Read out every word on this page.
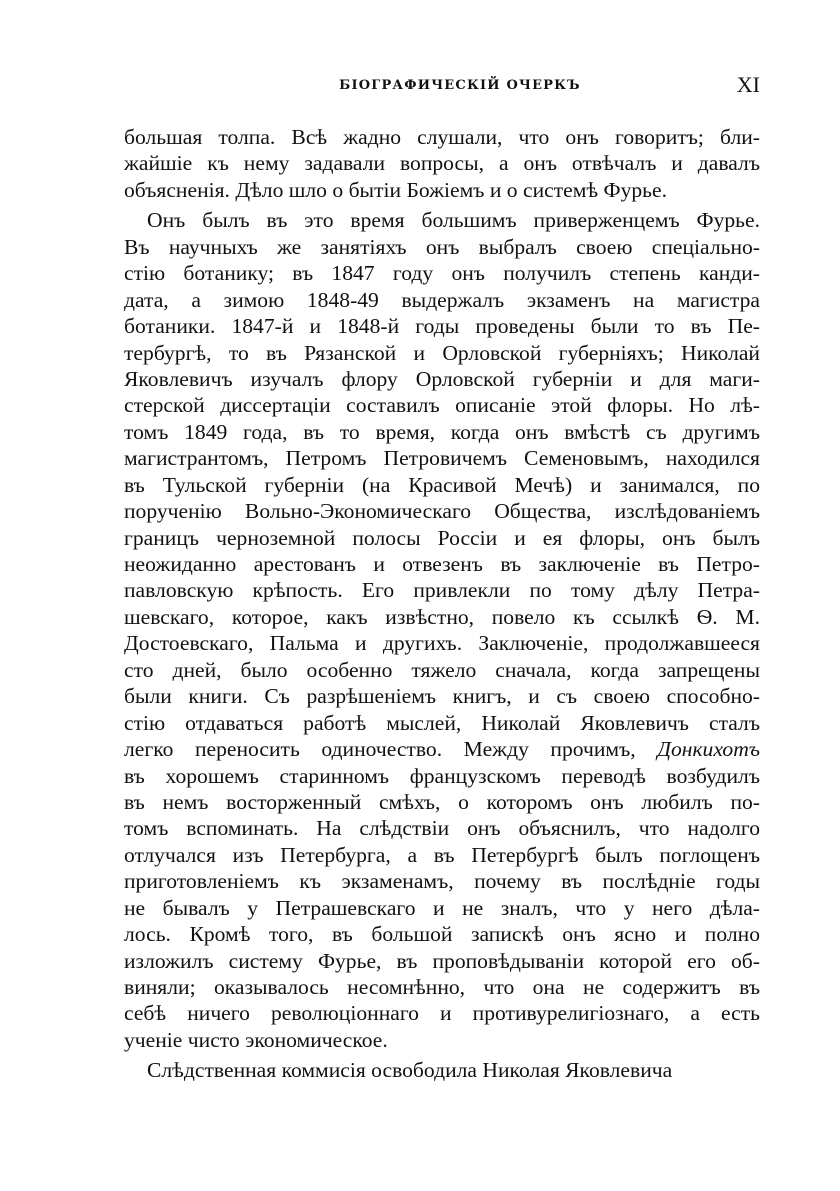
БІОГРАФИЧЕСКІЙ ОЧЕРКЪ	XI
большая толпа. Всѣ жадно слушали, что онъ говоритъ; бли-
жайшіе къ нему задавали вопросы, а онъ отвѣчалъ и давалъ
объясненія. Дѣло шло о бытіи Божіемъ и о системѣ Фурье.
Онъ былъ въ это время большимъ приверженцемъ Фурье.
Въ научныхъ же занятіяхъ онъ выбралъ своею спеціально-
стію ботанику; въ 1847 году онъ получилъ степень канди-
дата, а зимою 1848-49 выдержалъ экзаменъ на магистра
ботаники. 1847-й и 1848-й годы проведены были то въ Пе-
тербургѣ, то въ Рязанской и Орловской губерніяхъ; Николай
Яковлевичъ изучалъ флору Орловской губерніи и для маги-
стерской диссертаціи составилъ описаніе этой флоры. Но лѣ-
томъ 1849 года, въ то время, когда онъ вмѣстѣ съ другимъ
магистрантомъ, Петромъ Петровичемъ Семеновымъ, находился
въ Тульской губерніи (на Красивой Мечѣ) и занимался, по
порученію Вольно-Экономическаго Общества, изслѣдованіемъ
границъ черноземной полосы Россіи и ея флоры, онъ былъ
неожиданно арестованъ и отвезенъ въ заключеніе въ Петро-
павловскую крѣпость. Его привлекли по тому дѣлу Петра-
шевскаго, которое, какъ извѣстно, повело къ ссылкѣ Ѳ. М.
Достоевскаго, Пальма и другихъ. Заключеніе, продолжавшееся
сто дней, было особенно тяжело сначала, когда запрещены
были книги. Съ разрѣшеніемъ книгъ, и съ своею способно-
стію отдаваться работѣ мыслей, Николай Яковлевичъ сталъ
легко переносить одиночество. Между прочимъ, Донкихотъ
въ хорошемъ старинномъ французскомъ переводѣ возбудилъ
въ немъ восторженный смѣхъ, о которомъ онъ любилъ по-
томъ вспоминать. На слѣдствіи онъ объяснилъ, что надолго
отлучался изъ Петербурга, а въ Петербургѣ былъ поглощенъ
приготовленіемъ къ экзаменамъ, почему въ послѣдніе годы
не бывалъ у Петрашевскаго и не зналъ, что у него дѣла-
лось. Кромѣ того, въ большой запискѣ онъ ясно и полно
изложилъ систему Фурье, въ проповѣдываніи которой его об-
виняли; оказывалось несомнѣнно, что она не содержитъ въ
себѣ ничего революціоннаго и противурелигіознаго, а есть
ученіе чисто экономическое.
Слѣдственная коммисія освободила Николая Яковлевича
